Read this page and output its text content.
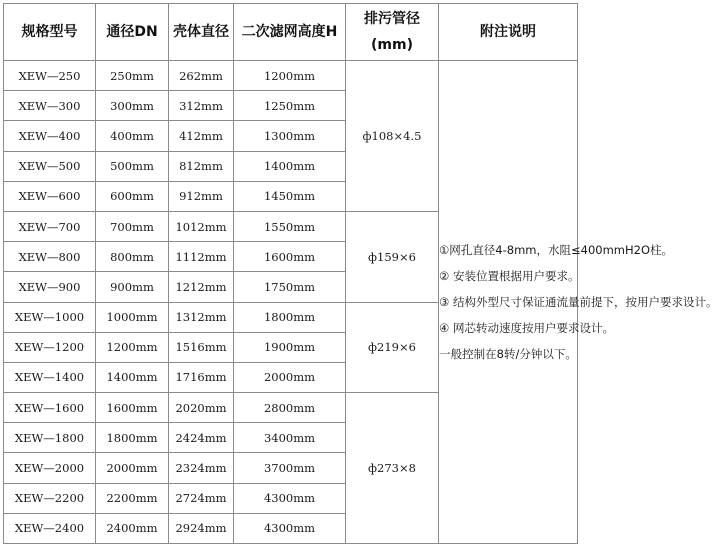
规格型号	通径DN	壳体直径	二次滤网高度H	排污管径(mm)	附注说明
XEW—250	250mm	262mm	1200mm	ф108×4.5	①网孔直径4-8mm，水阻≤400mmH2O柱。
② 安装位置根据用户要求。
③ 结构外型尺寸保证通流量前提下，按用户要求设计。
④ 网芯转动速度按用户要求设计。
一般控制在8转/分钟以下。

XEW—300	300mm	312mm	1250mm		
XEW—400	400mm	412mm	1300mm		
XEW—500	500mm	812mm	1400mm		
XEW—600	600mm	912mm	1450mm		
XEW—700	700mm	1012mm	1550mm	ф159×6	
XEW—800	800mm	1112mm	1600mm		
XEW—900	900mm	1212mm	1750mm		
XEW—1000	1000mm	1312mm	1800mm	ф219×6	
XEW—1200	1200mm	1516mm	1900mm		
XEW—1400	1400mm	1716mm	2000mm		
XEW—1600	1600mm	2020mm	2800mm	ф273×8	
XEW—1800	1800mm	2424mm	3400mm		
XEW—2000	2000mm	2324mm	3700mm		
XEW—2200	2200mm	2724mm	4300mm		
XEW—2400	2400mm	2924mm	4300mm		
